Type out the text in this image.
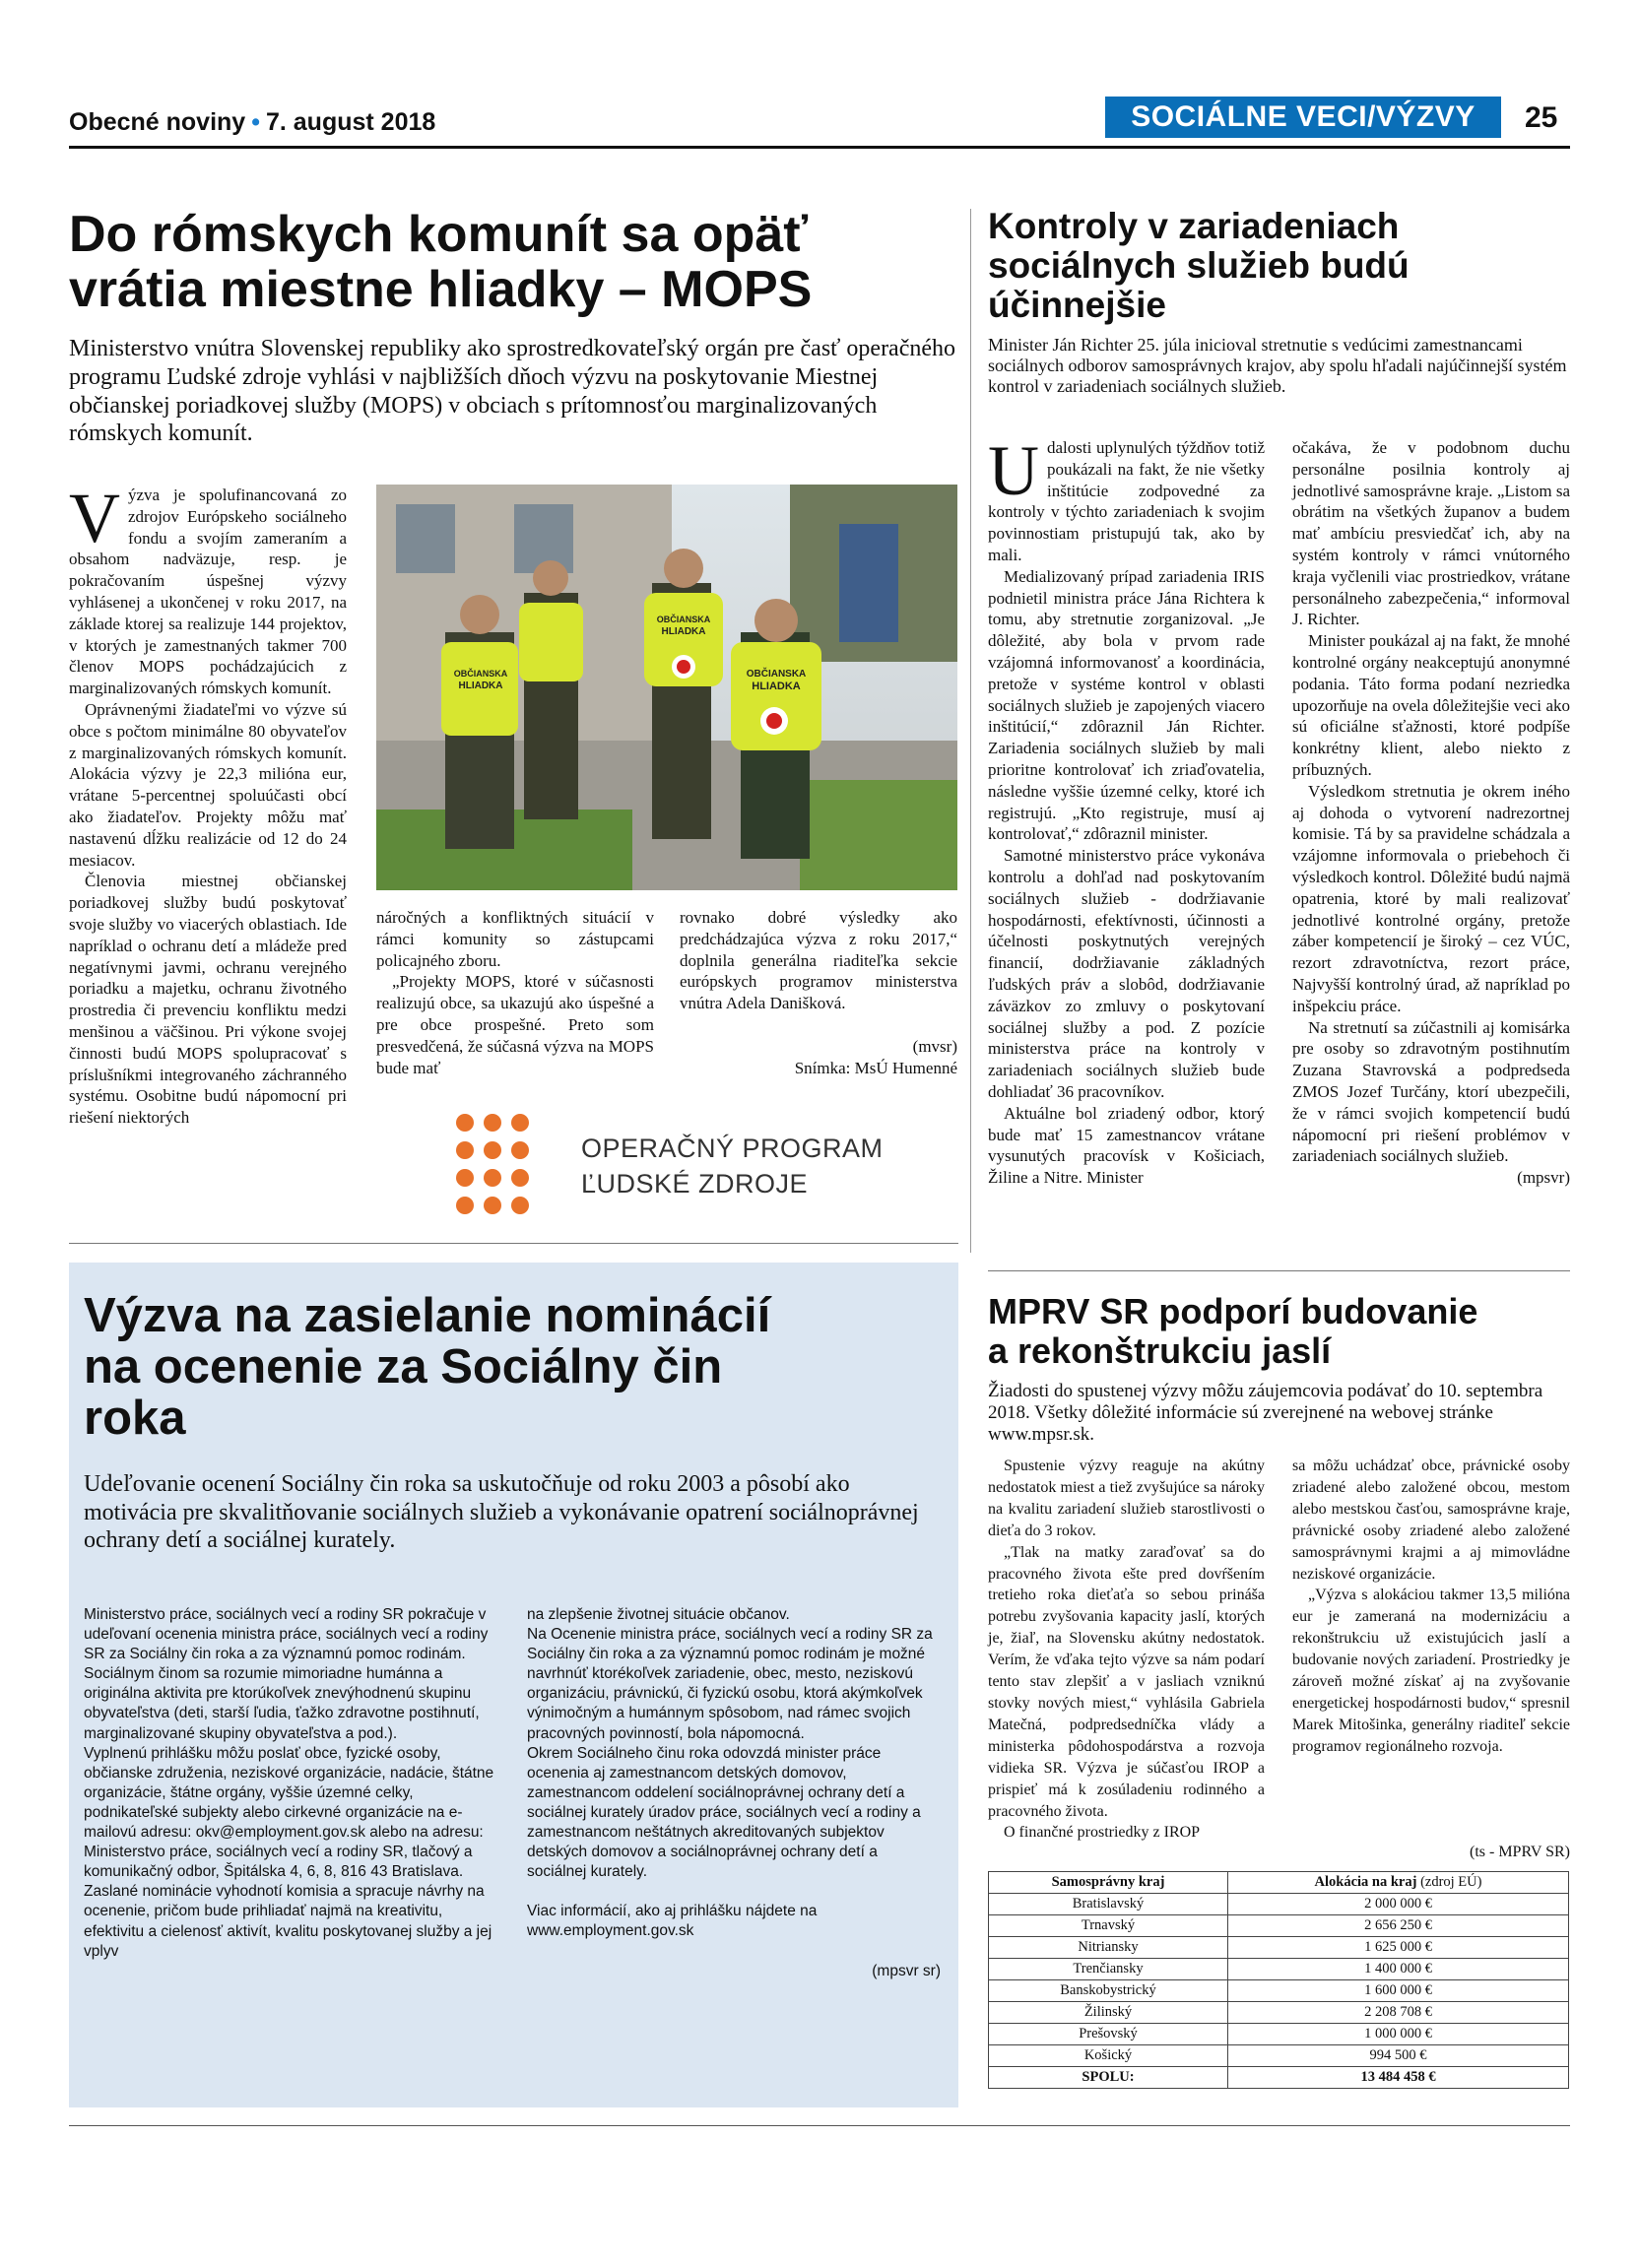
Obecné noviny • 7. august 2018	SOCIÁLNE VECI/VÝZVY	25
Do rómskych komunít sa opäť
vrátia miestne hliadky – MOPS
Ministerstvo vnútra Slovenskej republiky ako sprostredkovateľský orgán pre časť operačného programu Ľudské zdroje vyhlási v najbližších dňoch výzvu na poskytovanie Miestnej občianskej poriadkovej služby (MOPS) v obciach s prítomnosťou marginalizovaných rómskych komunít.

Výzva je spolufinancovaná zo zdrojov Európskeho sociálneho fondu a svojím zameraním a obsahom nadväzuje, resp. je pokračovaním úspešnej výzvy vyhlásenej a ukončenej v roku 2017, na základe ktorej sa realizuje 144 projektov, v ktorých je zamestnaných takmer 700 členov MOPS pochádzajúcich z marginalizovaných rómskych komunít.

Oprávnenými žiadateľmi vo výzve sú obce s počtom minimálne 80 obyvateľov z marginalizovaných rómskych komunít. Alokácia výzvy je 22,3 milióna eur, vrátane 5-percentnej spoluúčasti obcí ako žiadateľov. Projekty môžu mať nastavenú dĺžku realizácie od 12 do 24 mesiacov.

Členovia miestnej občianskej poriadkovej služby budú poskytovať svoje služby vo viacerých oblastiach. Ide napríklad o ochranu detí a mládeže pred negatívnymi javmi, ochranu verejného poriadku a majetku, ochranu životného prostredia či prevenciu konfliktu medzi menšinou a väčšinou. Pri výkone svojej činnosti budú MOPS spolupracovať s príslušníkmi integrovaného záchranného systému. Osobitne budú nápomocní pri riešení niektorých

OBČIANSKA
HLIADKA
OBČIANSKA
HLIADKA
OBČIANSKA
HLIADKA

náročných a konfliktných situácií v rámci komunity so zástupcami policajného zboru.

„Projekty MOPS, ktoré v súčasnosti realizujú obce, sa ukazujú ako úspešné a pre obce prospešné. Preto som presvedčená, že súčasná výzva na MOPS bude mať

rovnako dobré výsledky ako predchádzajúca výzva z roku 2017,“ doplnila generálna riaditeľka sekcie európskych programov ministerstva vnútra Adela Danišková.

(mvsr)

Snímka: MsÚ Humenné

OPERAČNÝ PROGRAM
ĽUDSKÉ ZDROJE
Kontroly v zariadeniach
sociálnych služieb budú
účinnejšie
Minister Ján Richter 25. júla inicioval stretnutie s vedúcimi zamestnancami sociálnych odborov samosprávnych krajov, aby spolu hľadali najúčinnejší systém kontrol v zariadeniach sociálnych služieb.

Udalosti uplynulých týždňov totiž poukázali na fakt, že nie všetky inštitúcie zodpovedné za kontroly v týchto zariadeniach k svojim povinnostiam pristupujú tak, ako by mali.

Medializovaný prípad zariadenia IRIS podnietil ministra práce Jána Richtera k tomu, aby stretnutie zorganizoval. „Je dôležité, aby bola v prvom rade vzájomná informovanosť a koordinácia, pretože v systéme kontrol v oblasti sociálnych služieb je zapojených viacero inštitúcií,“ zdôraznil Ján Richter. Zariadenia sociálnych služieb by mali prioritne kontrolovať ich zriaďovatelia, následne vyššie územné celky, ktoré ich registrujú. „Kto registruje, musí aj kontrolovať,“ zdôraznil minister.

Samotné ministerstvo práce vykonáva kontrolu a dohľad nad poskytovaním sociálnych služieb - dodržiavanie hospodárnosti, efektívnosti, účinnosti a účelnosti poskytnutých verejných financií, dodržiavanie základných ľudských práv a slobôd, dodržiavanie záväzkov zo zmluvy o poskytovaní sociálnej služby a pod. Z pozície ministerstva práce na kontroly v zariadeniach sociálnych služieb bude dohliadať 36 pracovníkov.

Aktuálne bol zriadený odbor, ktorý bude mať 15 zamestnancov vrátane vysunutých pracovísk v Košiciach, Žiline a Nitre. Minister

očakáva, že v podobnom duchu personálne posilnia kontroly aj jednotlivé samosprávne kraje. „Listom sa obrátim na všetkých županov a budem mať ambíciu presviedčať ich, aby na systém kontroly v rámci vnútorného kraja vyčlenili viac prostriedkov, vrátane personálneho zabezpečenia,“ informoval J. Richter.

Minister poukázal aj na fakt, že mnohé kontrolné orgány neakceptujú anonymné podania. Táto forma podaní nezriedka upozorňuje na ovela dôležitejšie veci ako sú oficiálne sťažnosti, ktoré podpíše konkrétny klient, alebo niekto z príbuzných.

Výsledkom stretnutia je okrem iného aj dohoda o vytvorení nadrezortnej komisie. Tá by sa pravidelne schádzala a vzájomne informovala o priebehoch či výsledkoch kontrol. Dôležité budú najmä opatrenia, ktoré by mali realizovať jednotlivé kontrolné orgány, pretože záber kompetencií je široký – cez VÚC, rezort zdravotníctva, rezort práce, Najvyšší kontrolný úrad, až napríklad po inšpekciu práce.

Na stretnutí sa zúčastnili aj komisárka pre osoby so zdravotným postihnutím Zuzana Stavrovská a podpredseda ZMOS Jozef Turčány, ktorí ubezpečili, že v rámci svojich kompetencií budú nápomocní pri riešení problémov v zariadeniach sociálnych služieb.

(mpsvr)

Výzva na zasielanie nominácií
na ocenenie za Sociálny čin
roka
Udeľovanie ocenení Sociálny čin roka sa uskutočňuje od roku 2003 a pôsobí ako motivácia pre skvalitňovanie sociálnych služieb a vykonávanie opatrení sociálnoprávnej ochrany detí a sociálnej kurately.

Ministerstvo práce, sociálnych vecí a rodiny SR pokračuje v udeľovaní ocenenia ministra práce, sociálnych vecí a rodiny SR za Sociálny čin roka a za významnú pomoc rodinám.

Sociálnym činom sa rozumie mimoriadne humánna a originálna aktivita pre ktorúkoľvek znevýhodnenú skupinu obyvateľstva (deti, starší ľudia, ťažko zdravotne postihnutí, marginalizované skupiny obyvateľstva a pod.).

Vyplnenú prihlášku môžu poslať obce, fyzické osoby, občianske združenia, neziskové organizácie, nadácie, štátne organizácie, štátne orgány, vyššie územné celky, podnikateľské subjekty alebo cirkevné organizácie na e-mailovú adresu: okv@employment.gov.sk alebo na adresu: Ministerstvo práce, sociálnych vecí a rodiny SR, tlačový a komunikačný odbor, Špitálska 4, 6, 8, 816 43 Bratislava.

Zaslané nominácie vyhodnotí komisia a spracuje návrhy na ocenenie, pričom bude prihliadať najmä na kreativitu, efektivitu a cielenosť aktivít, kvalitu poskytovanej služby a jej vplyv

na zlepšenie životnej situácie občanov.

Na Ocenenie ministra práce, sociálnych vecí a rodiny SR za Sociálny čin roka a za významnú pomoc rodinám je možné navrhnúť ktorékoľvek zariadenie, obec, mesto, neziskovú organizáciu, právnickú, či fyzickú osobu, ktorá akýmkoľvek výnimočným a humánnym spôsobom, nad rámec svojich pracovných povinností, bola nápomocná.

Okrem Sociálneho činu roka odovzdá minister práce ocenenia aj zamestnancom detských domovov, zamestnancom oddelení sociálnoprávnej ochrany detí a sociálnej kurately úradov práce, sociálnych vecí a rodiny a zamestnancom neštátnych akreditovaných subjektov detských domovov a sociálnoprávnej ochrany detí a sociálnej kurately.

Viac informácií, ako aj prihlášku nájdete na www.employment.gov.sk

(mpsvr sr)

MPRV SR podporí budovanie
a rekonštrukciu jaslí
Žiadosti do spustenej výzvy môžu záujemcovia podávať do 10. septembra 2018. Všetky dôležité informácie sú zverejnené na webovej stránke www.mpsr.sk.

Spustenie výzvy reaguje na akútny nedostatok miest a tiež zvyšujúce sa nároky na kvalitu zariadení služieb starostlivosti o dieťa do 3 rokov.

„Tlak na matky zaraďovať sa do pracovného života ešte pred dovŕšením tretieho roka dieťaťa so sebou prináša potrebu zvyšovania kapacity jaslí, ktorých je, žiaľ, na Slovensku akútny nedostatok. Verím, že vďaka tejto výzve sa nám podarí tento stav zlepšiť a v jasliach vzniknú stovky nových miest,“ vyhlásila Gabriela Matečná, podpredsedníčka vlády a ministerka pôdohospodárstva a rozvoja vidieka SR. Výzva je súčasťou IROP a prispieť má k zosúladeniu rodinného a pracovného života.

O finančné prostriedky z IROP

sa môžu uchádzať obce, právnické osoby zriadené alebo založené obcou, mestom alebo mestskou časťou, samosprávne kraje, právnické osoby zriadené alebo založené samosprávnymi krajmi a aj mimovládne neziskové organizácie.

„Výzva s alokáciou takmer 13,5 milióna eur je zameraná na modernizáciu a rekonštrukciu už existujúcich jaslí a budovanie nových zariadení. Prostriedky je zároveň možné získať aj na zvyšovanie energetickej hospodárnosti budov,“ spresnil Marek Mitošinka, generálny riaditeľ sekcie programov regionálneho rozvoja.

(ts - MPRV SR)
Samosprávny kraj	Alokácia na kraj (zdroj EÚ)
Bratislavský	2 000 000 €
Trnavský	2 656 250 €
Nitriansky	1 625 000 €
Trenčiansky	1 400 000 €
Banskobystrický	1 600 000 €
Žilinský	2 208 708 €
Prešovský	1 000 000 €
Košický	994 500 €
SPOLU:	13 484 458 €
